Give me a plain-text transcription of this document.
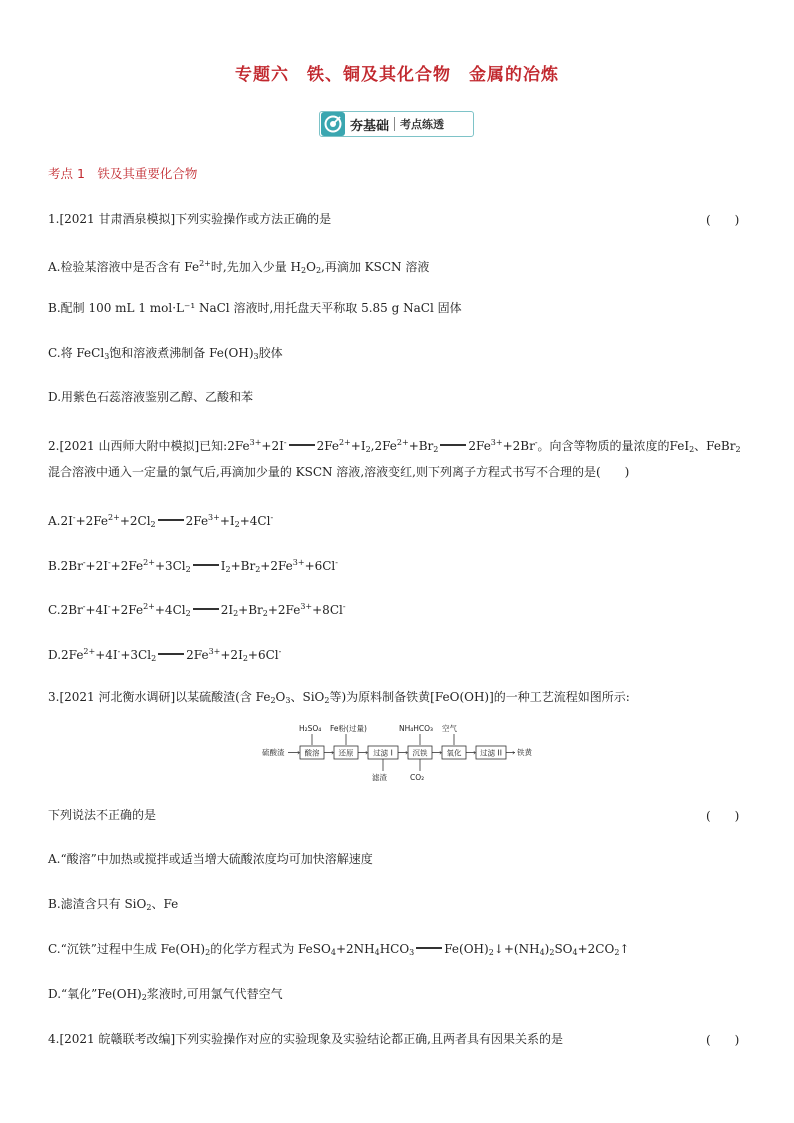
专题六　铁、铜及其化合物　金属的冶炼
夯基础 考点练透
考点 1　铁及其重要化合物
1.[2021 甘肃酒泉模拟]下列实验操作或方法正确的是	(　　)
A.检验某溶液中是否含有 $Fe^{2+}$时,先加入少量 $H_2O_2$,再滴加 KSCN 溶液
B.配制 100 mL 1 mol·L⁻¹ NaCl 溶液时,用托盘天平称取 5.85 g NaCl 固体
C.将 FeCl$_3$饱和溶液煮沸制备 $Fe(OH)_3$胶体
D.用紫色石蕊溶液鉴别乙醇、乙酸和苯
2.[2021 山西师大附中模拟]已知$:2Fe^{3+}+2I^-$	$2Fe^{2+}+I_2,2Fe^{2+}+Br_2$	$2Fe^{3+}+2Br^-$。向含等物质的量浓度的FeI$_2$、FeBr$_2$
混合溶液中通入一定量的氯气后,再滴加少量的 KSCN 溶液,溶液变红,则下列离子方程式书写不合理的是(　　)
$A.2I^-+2Fe^{2+}+2Cl_2$	$2Fe^{3+}+I_2+4Cl^-$
$B.2Br^-+2I^-+2Fe^{2+}+3Cl_2$	$I_2+Br_2+2Fe^{3+}+6Cl^-$
$C.2Br^-+4I^-+2Fe^{2+}+4Cl_2$	$2I_2+Br_2+2Fe^{3+}+8Cl^-$
$D.2Fe^{2+}+4I^-+3Cl_2$	$2Fe^{3+}+2I_2+6Cl^-$
3.[2021 河北衡水调研]以某硫酸渣(含 $Fe_2O_3$、SiO$_2$等)为原料制备铁黄[FeO(OH)]的一种工艺流程如图所示:
硫酸渣	铁黄
H₂SO₄ Fe粉(过量)	NH₄HCO₃ 空气
滤渣	CO₂
›	›	›	›	›	›	›
酸溶	还原	过滤 I	沉铁	氧化 过滤 II
下列说法不正确的是	(　　)
A.“酸溶”中加热或搅拌或适当增大硫酸浓度均可加快溶解速度
B.滤渣含只有 SiO$_2$、Fe
C.“沉铁”过程中生成 $Fe(OH)_2$的化学方程式为 $FeSO_4+2NH_4HCO_3$	$Fe(OH)_2↓+(NH_4)_2SO_4+2CO_2↑$
D.“氧化$”Fe(OH)_2$浆液时,可用氯气代替空气
4.[2021 皖赣联考改编]下列实验操作对应的实验现象及实验结论都正确,且两者具有因果关系的是	(　　)
